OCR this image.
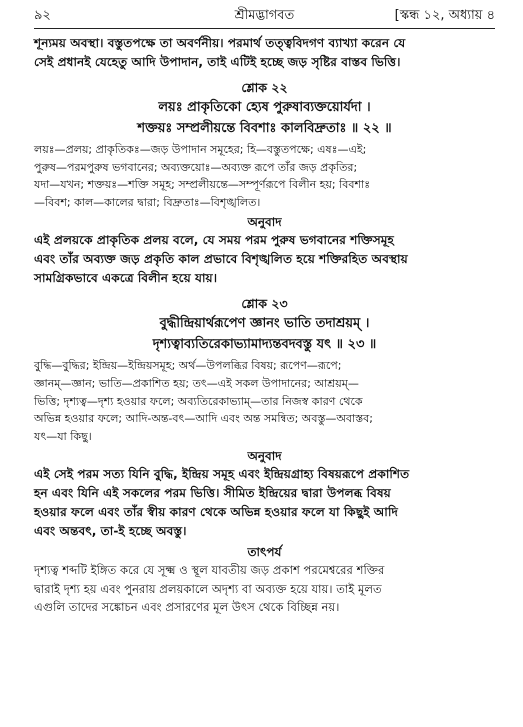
৯২	শ্রীমদ্ভাগবত	[স্কন্ধ ১২, অধ্যায় ৪

শূন্যময় অবস্থা। বস্তুতপক্ষে তা অবর্ণনীয়। পরমার্থ তত্ত্ববিদগণ ব্যাখ্যা করেন যে

সেই প্রধানই যেহেতু আদি উপাদান, তাই এটিই হচ্ছে জড় সৃষ্টির বাস্তব ভিত্তি।

শ্লোক ২২

লয়ঃ প্রাকৃতিকো হ্যেষ পুরুষাব্যক্তয়োর্যদা ।

শক্তয়ঃ সম্প্রলীয়ন্তে বিবশাঃ কালবিদ্রুতাঃ ॥ ২২ ॥

লয়ঃ—প্রলয়; প্রাকৃতিকঃ—জড় উপাদান সমূহের; হি—বস্তুতপক্ষে; এষঃ—এই;

পুরুষ—পরমপুরুষ ভগবানের; অব্যক্তয়োঃ—অব্যক্ত রূপে তাঁর জড় প্রকৃতির;

যদা—যখন; শক্তয়ঃ—শক্তি সমূহ; সম্প্রলীয়ন্তে—সম্পূর্ণরূপে বিলীন হয়; বিবশাঃ

—বিবশ; কাল—কালের দ্বারা; বিদ্রুতাঃ—বিশৃঙ্খলিত।

অনুবাদ

এই প্রলয়কে প্রাকৃতিক প্রলয় বলে, যে সময় পরম পুরুষ ভগবানের শক্তিসমূহ

এবং তাঁর অব্যক্ত জড় প্রকৃতি কাল প্রভাবে বিশৃঙ্খলিত হয়ে শক্তিরহিত অবস্থায়

সামগ্রিকভাবে একত্রে বিলীন হয়ে যায়।

শ্লোক ২৩

বুদ্ধীন্দ্রিয়ার্থরূপেণ জ্ঞানং ভাতি তদাশ্রয়ম্ ।

দৃশ্যত্বাব্যতিরেকাভ্যামাদ্যন্তবদবস্তু যৎ ॥ ২৩ ॥

বুদ্ধি—বুদ্ধির; ইন্দ্রিয়—ইন্দ্রিয়সমূহ; অর্থ—উপলব্ধির বিষয়; রূপেণ—রূপে;

জ্ঞানম্—জ্ঞান; ভাতি—প্রকাশিত হয়; তৎ—এই সকল উপাদানের; আশ্রয়ম্—

ভিত্তি; দৃশ্যত্ব—দৃশ্য হওয়ার ফলে; অব্যতিরেকাভ্যাম্—তার নিজস্ব কারণ থেকে

অভিন্ন হওয়ার ফলে; আদি-অন্ত-বৎ—আদি এবং অন্ত সমন্বিত; অবস্তু—অবাস্তব;

যৎ—যা কিছু।

অনুবাদ

এই সেই পরম সত্য যিনি বুদ্ধি, ইন্দ্রিয় সমূহ এবং ইন্দ্রিয়গ্রাহ্য বিষয়রূপে প্রকাশিত

হন এবং যিনি এই সকলের পরম ভিত্তি। সীমিত ইন্দ্রিয়ের দ্বারা উপলব্ধ বিষয়

হওয়ার ফলে এবং তাঁর স্বীয় কারণ থেকে অভিন্ন হওয়ার ফলে যা কিছুই আদি

এবং অন্তবৎ, তা-ই হচ্ছে অবস্তু।

তাৎপর্য

দৃশ্যত্ব শব্দটি ইঙ্গিত করে যে সূক্ষ্ম ও স্থূল যাবতীয় জড় প্রকাশ পরমেশ্বরের শক্তির

দ্বারাই দৃশ্য হয় এবং পুনরায় প্রলয়কালে অদৃশ্য বা অব্যক্ত হয়ে যায়। তাই মূলত

এগুলি তাদের সঙ্কোচন এবং প্রসারণের মূল উৎস থেকে বিচ্ছিন্ন নয়।
